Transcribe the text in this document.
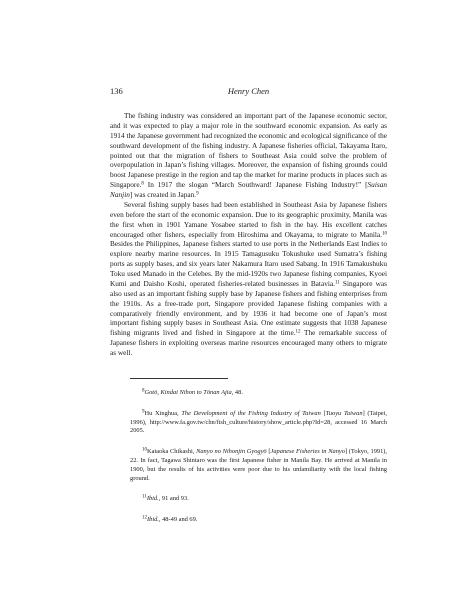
136	Henry Chen

The fishing industry was considered an important part of the Japanese economic sector, and it was expected to play a major role in the southward economic expansion. As early as 1914 the Japanese government had recognized the economic and ecological significance of the southward development of the fishing industry. A Japanese fisheries official, Takayama Itaro, pointed out that the migration of fishers to Southeast Asia could solve the problem of overpopulation in Japan’s fishing villages. Moreover, the expansion of fishing grounds could boost Japanese prestige in the region and tap the market for marine products in places such as Singapore.$^8$ In 1917 the slogan “March Southward! Japanese Fishing Industry!” [Suisan Nanjin] was created in Japan.$^9$

Several fishing supply bases had been established in Southeast Asia by Japanese fishers even before the start of the economic expansion. Due to its geographic proximity, Manila was the first when in 1901 Yamane Yosabee started to fish in the bay. His excellent catches encouraged other fishers, especially from Hiroshima and Okayama, to migrate to Manila.$^{10}$ Besides the Philippines, Japanese fishers started to use ports in the Netherlands East Indies to explore nearby marine resources. In 1915 Tamagusuku Tokushuke used Sumatra’s fishing ports as supply bases, and six years later Nakamura Itaro used Sabang. In 1916 Tamakushuku Toku used Manado in the Celebes. By the mid-1920s two Japanese fishing companies, Kyoei Kumi and Daisho Koshi, operated fisheries-related businesses in Batavia.$^{11}$ Singapore was also used as an important fishing supply base by Japanese fishers and fishing enterprises from the 1910s. As a free-trade port, Singapore provided Japanese fishing companies with a comparatively friendly environment, and by 1936 it had become one of Japan’s most important fishing supply bases in Southeast Asia. One estimate suggests that 1038 Japanese fishing migrants lived and fished in Singapore at the time.$^{12}$ The remarkable success of Japanese fishers in exploiting overseas marine resources encouraged many others to migrate as well.

$^8$Gotō, Kindai Nihon to Tōnan Ajia, 48.

$^9$Hu Xinghua, The Development of the Fishing Industry of Taiwan [Tuoyu Taiwan] (Taipei, 1996), http://www.fa.gov.tw/chn/fish_culture/history/show_article.php?Id=28, accessed 16 March 2005.

$^{10}$Kataoka Chikashi, Nanyo no Nihonjin Gyogyō [Japanese Fisheries in Nanyo] (Tokyo, 1991), 22. In fact, Tagawa Shintaro was the first Japanese fisher in Manila Bay. He arrived at Manila in 1900, but the results of his activities were poor due to his unfamiliarity with the local fishing ground.

$^{11}$Ibid., 91 and 93.

$^{12}$Ibid., 48-49 and 69.
